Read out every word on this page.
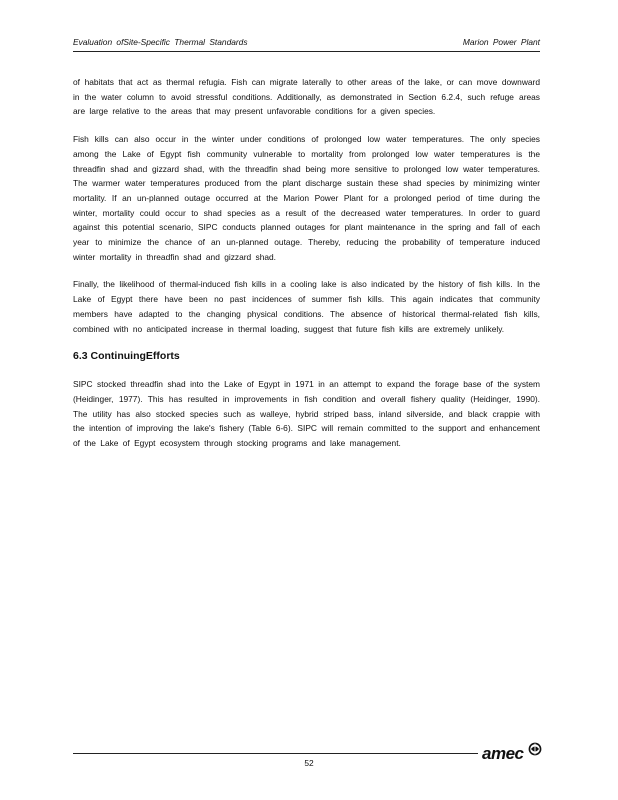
Evaluation ofSite-Specific Thermal Standards	Marion Power Plant

of habitats that act as thermal refugia. Fish can migrate laterally to other areas of the lake, or can move downward in the water column to avoid stressful conditions. Additionally, as demonstrated in Section 6.2.4, such refuge areas are large relative to the areas that may present unfavorable conditions for a given species.

Fish kills can also occur in the winter under conditions of prolonged low water temperatures. The only species among the Lake of Egypt fish community vulnerable to mortality from prolonged low water temperatures is the threadfin shad and gizzard shad, with the threadfin shad being more sensitive to prolonged low water temperatures. The warmer water temperatures produced from the plant discharge sustain these shad species by minimizing winter mortality. If an un-planned outage occurred at the Marion Power Plant for a prolonged period of time during the winter, mortality could occur to shad species as a result of the decreased water temperatures. In order to guard against this potential scenario, SIPC conducts planned outages for plant maintenance in the spring and fall of each year to minimize the chance of an un-planned outage. Thereby, reducing the probability of temperature induced winter mortality in threadfin shad and gizzard shad.

Finally, the likelihood of thermal-induced fish kills in a cooling lake is also indicated by the history of fish kills. In the Lake of Egypt there have been no past incidences of summer fish kills. This again indicates that community members have adapted to the changing physical conditions. The absence of historical thermal-related fish kills, combined with no anticipated increase in thermal loading, suggest that future fish kills are extremely unlikely.

6.3 ContinuingEfforts

SIPC stocked threadfin shad into the Lake of Egypt in 1971 in an attempt to expand the forage base of the system (Heidinger, 1977). This has resulted in improvements in fish condition and overall fishery quality (Heidinger, 1990). The utility has also stocked species such as walleye, hybrid striped bass, inland silverside, and black crappie with the intention of improving the lake's fishery (Table 6-6). SIPC will remain committed to the support and enhancement of the Lake of Egypt ecosystem through stocking programs and lake management.

52	amec
